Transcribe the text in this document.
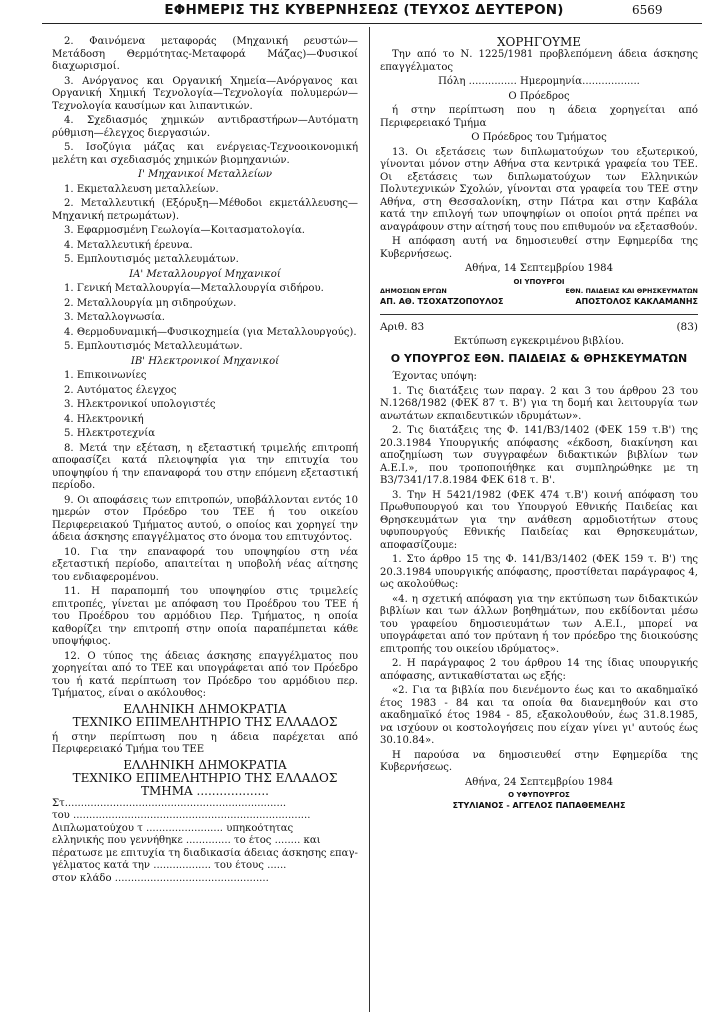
ΕΦΗΜΕΡΙΣ ΤΗΣ ΚΥΒΕΡΝΗΣΕΩΣ (ΤΕΥΧΟΣ ΔΕΥΤΕΡΟΝ)	6569

2. Φαινόμενα μεταφοράς (Μηχανική ρευστών—Μετάδοση Θερμότητας-Μεταφορά Μάζας)—Φυσικοί διαχωρισμοί.

3. Ανόργανος και Οργανική Χημεία—Ανόργανος και Οργανική Χημική Τεχνολογία—Τεχνολογία πολυμερών—Τεχνολογία καυσίμων και λιπαντικών.

4. Σχεδιασμός χημικών αντιδραστήρων—Αυτόματη ρύθμιση—έλεγχος διεργασιών.

5. Ισοζύγια μάζας και ενέργειας-Τεχνοοικονομική μελέτη και σχεδιασμός χημικών βιομηχανιών.

Ι' Μηχανικοί Μεταλλείων

1. Εκμεταλλευση μεταλλείων.

2. Μεταλλευτική (Εξόρυξη—Μέθοδοι εκμετάλλευσης—Μηχανική πετρωμάτων).

3. Εφαρμοσμένη Γεωλογία—Κοιτασματολογία.

4. Μεταλλευτική έρευνα.

5. Εμπλουτισμός μεταλλευμάτων.

ΙΑ' Μεταλλουργοί Μηχανικοί

1. Γενική Μεταλλουργία—Μεταλλουργία σιδήρου.

2. Μεταλλουργία μη σιδηρούχων.

3. Μεταλλογνωσία.

4. Θερμοδυναμική—Φυσικοχημεία (για Μεταλλουργούς).

5. Εμπλουτισμός Μεταλλευμάτων.

ΙΒ' Ηλεκτρονικοί Μηχανικοί

1. Επικοινωνίες

2. Αυτόματος έλεγχος

3. Ηλεκτρονικοί υπολογιστές

4. Ηλεκτρονική

5. Ηλεκτροτεχνία

8. Μετά την εξέταση, η εξεταστική τριμελής επιτροπή αποφασίζει κατά πλειοψηφία για την επιτυχία του υποψηφίου ή την επαναφορά του στην επόμενη εξεταστική περίοδο.

9. Οι αποφάσεις των επιτροπών, υποβάλλονται εντός 10 ημερών στον Πρόεδρο του ΤΕΕ ή του οικείου Περιφερειακού Τμήματος αυτού, ο οποίος και χορηγεί την άδεια άσκησης επαγγέλματος στο όνομα του επιτυχόντος.

10. Για την επαναφορά του υποψηφίου στη νέα εξεταστική περίοδο, απαιτείται η υποβολή νέας αίτησης του ενδιαφερομένου.

11. Η παραπομπή του υποψηφίου στις τριμελείς επιτροπές, γίνεται με απόφαση του Προέδρου του ΤΕΕ ή του Προέδρου του αρμόδιου Περ. Τμήματος, η οποία καθορίζει την επιτροπή στην οποία παραπέμπεται κάθε υποψήφιος.

12. Ο τύπος της άδειας άσκησης επαγγέλματος που χορηγείται από το ΤΕΕ και υπογράφεται από τον Πρόεδρο του ή κατά περίπτωση τον Πρόεδρο του αρμόδιου περ. Τμήματος, είναι ο ακόλουθος:

ΕΛΛΗΝΙΚΗ ΔΗΜΟΚΡΑΤΙΑ
ΤΕΧΝΙΚΟ ΕΠΙΜΕΛΗΤΗΡΙΟ ΤΗΣ ΕΛΛΑΔΟΣ

ή στην περίπτωση που η άδεια παρέχεται από Περιφερειακό Τμήμα του ΤΕΕ

ΕΛΛΗΝΙΚΗ ΔΗΜΟΚΡΑΤΙΑ
ΤΕΧΝΙΚΟ ΕΠΙΜΕΛΗΤΗΡΙΟ ΤΗΣ ΕΛΛΑΔΟΣ
ΤΜΗΜΑ ...................
Στ.....................................................................
του ..........................................................................
Διπλωματούχου τ ........................ υπηκοότητας
ελληνικής που γεννήθηκε .............. το έτος ........ και
πέρατωσε με επιτυχία τη διαδικασία άδειας άσκησης επαγ-
γέλματος κατά την .................. του έτους ......
στον κλάδο ................................................
ΧΟΡΗΓΟΥΜΕ

Την από το Ν. 1225/1981 προβλεπόμενη άδεια άσκησης επαγγέλματος

Πόλη ............... Ημερομηνία..................

Ο Πρόεδρος

ή στην περίπτωση που η άδεια χορηγείται από Περιφερειακό Τμήμα

Ο Πρόεδρος του Τμήματος

13. Οι εξετάσεις των διπλωματούχων του εξωτερικού, γίνονται μόνον στην Αθήνα στα κεντρικά γραφεία του ΤΕΕ. Οι εξετάσεις των διπλωματούχων των Ελληνικών Πολυτεχνικών Σχολών, γίνονται στα γραφεία του ΤΕΕ στην Αθήνα, στη Θεσσαλονίκη, στην Πάτρα και στην Καβάλα κατά την επιλογή των υποψηφίων οι οποίοι ρητά πρέπει να αναγράφουν στην αίτησή τους που επιθυμούν να εξετασθούν.

Η απόφαση αυτή να δημοσιευθεί στην Εφημερίδα της Κυβερνήσεως.

Αθήνα, 14 Σεπτεμβρίου 1984

ΟΙ ΥΠΟΥΡΓΟΙ
ΔΗΜΟΣΙΩΝ ΕΡΓΩΝ	ΕΘΝ. ΠΑΙΔΕΙΑΣ ΚΑΙ ΘΡΗΣΚΕΥΜΑΤΩΝ
ΑΠ. ΑΘ. ΤΣΟΧΑΤΖΟΠΟΥΛΟΣ	ΑΠΟΣΤΟΛΟΣ ΚΑΚΛΑΜΑΝΗΣ
Αριθ. 83	(83)

Εκτύπωση εγκεκριμένου βιβλίου.

Ο ΥΠΟΥΡΓΟΣ ΕΘΝ. ΠΑΙΔΕΙΑΣ & ΘΡΗΣΚΕΥΜΑΤΩΝ

Έχοντας υπόψη:

1. Τις διατάξεις των παραγ. 2 και 3 του άρθρου 23 του Ν.1268/1982 (ΦΕΚ 87 τ. Β') για τη δομή και λειτουργία των ανωτάτων εκπαιδευτικών ιδρυμάτων».

2. Τις διατάξεις της Φ. 141/Β3/1402 (ΦΕΚ 159 τ.Β') της 20.3.1984 Υπουργικής απόφασης «έκδοση, διακίνηση και αποζημίωση των συγγραφέων διδακτικών βιβλίων των Α.Ε.Ι.», που τροποποιήθηκε και συμπληρώθηκε με τη Β3/7341/17.8.1984 ΦΕΚ 618 τ. Β'.

3. Την Η 5421/1982 (ΦΕΚ 474 τ.Β') κοινή απόφαση του Πρωθυπουργού και του Υπουργού Εθνικής Παιδείας και Θρησκευμάτων για την ανάθεση αρμοδιοτήτων στους υφυπουργούς Εθνικής Παιδείας και Θρησκευμάτων, αποφασίζουμε:

1. Στο άρθρο 15 της Φ. 141/Β3/1402 (ΦΕΚ 159 τ. Β') της 20.3.1984 υπουργικής απόφασης, προστίθεται παράγραφος 4, ως ακολούθως:

«4. η σχετική απόφαση για την εκτύπωση των διδακτικών βιβλίων και των άλλων βοηθημάτων, που εκδίδονται μέσω του γραφείου δημοσιευμάτων των Α.Ε.Ι., μπορεί να υπογράφεται από τον πρύτανη ή τον πρόεδρο της διοικούσης επιτροπής του οικείου ιδρύματος».

2. Η παράγραφος 2 του άρθρου 14 της ίδιας υπουργικής απόφασης, αντικαθίσταται ως εξής:

«2. Για τα βιβλία που διενέμοντο έως και το ακαδημαϊκό έτος 1983 - 84 και τα οποία θα διανεμηθούν και στο ακαδημαϊκό έτος 1984 - 85, εξακολουθούν, έως 31.8.1985, να ισχύουν οι κοστολογήσεις που είχαν γίνει γι' αυτούς έως 30.10.84».

Η παρούσα να δημοσιευθεί στην Εφημερίδα της Κυβερνήσεως.

Αθήνα, 24 Σεπτεμβρίου 1984

Ο ΥΦΥΠΟΥΡΓΟΣ
ΣΤΥΛΙΑΝΟΣ - ΑΓΓΕΛΟΣ ΠΑΠΑΘΕΜΕΛΗΣ
